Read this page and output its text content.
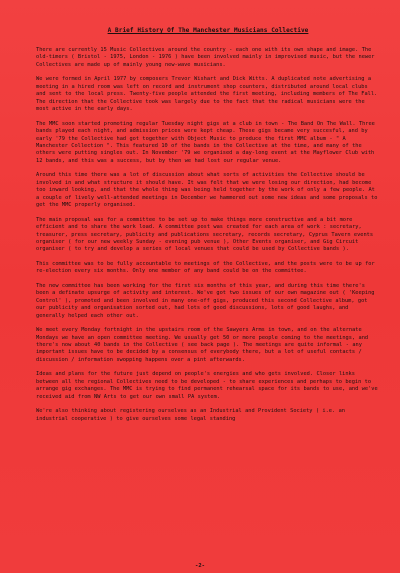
A Brief History Of The Manchester Musicians Collective

There are currently 15 Music Collectives around the country - each one with its own shape and image. The old-timers ( Bristol - 1975, London - 1976 ) have been involved mainly in improvised music, but the newer Collectives are made up of mainly young new-wave musicians.

We were formed in April 1977 by composers Trevor Wishart and Dick Witts. A duplicated note advertising a meeting in a hired room was left on record and instrument shop counters, distributed around local clubs and sent to the local press. Twenty-five people attended the first meeting, including members of The Fall. The direction that the Collective took was largely due to the fact that the radical musicians were the most active in the early days.

The MMC soon started promoting regular Tuesday night gigs at a club in town - The Band On The Wall. Three bands played each night, and admission prices were kept cheap. These gigs became very succesful, and by early '79 the Collective had got together with Object Music to produce the first MMC album - " A Manchester Collection ". This featured 10 of the bands in the Collective at the time, and many of the others were putting singles out. In November '79 we organised a day-long event at the Mayflower Club with 12 bands, and this was a success, but by then we had lost our regular venue.

Around this time there was a lot of discussion about what sorts of activities the Collective should be involved in and what structure it should have. It was felt that we were losing our direction, had become too inward looking, and that the whole thing was being held together by the work of only a few people. At a couple of lively well-attended meetings in December we hammered out some new ideas and some proposals to get the MMC properly organised.

The main proposal was for a committee to be set up to make things more constructive and a bit more efficient and to share the work load. A committee post was created for each area of work : secretary, treasurer, press secretary, publicity and publications secretary, records secretary, Cyprus Tavern events organiser ( for our new weekly Sunday - evening pub venue ), Other Events organiser, and Gig Circuit organiser ( to try and develop a series of local venues that could be used by Collective bands ).

This committee was to be fully accountable to meetings of the Collective, and the posts were to be up for re-election every six months. Only one member of any band could be on the committee.

The new committee has been working for the first six months of this year, and during this time there's been a definate upsurge of activity and interest. We've got two issues of our own magazine out ( 'Keeping Control' ), promoted and been involved in many one-off gigs, produced this second Collective album, got our publicity and organisation sorted out, had lots of good discussions, lots of good laughs, and generally helped each other out.

We meet every Monday fortnight in the upstairs room of the Sawyers Arms in town, and on the alternate Mondays we have an open committee meeting. We usually get 50 or more people coming to the meetings, and there's now about 40 bands in the Collective ( see back page ). The meetings are quite informal - any important issues have to be decided by a consensus of everybody there, but a lot of useful contacts / discussion / information swopping happens over a pint afterwards.

Ideas and plans for the future just depend on people's energies and who gets involved. Closer links between all the regional Collectives need to be developed - to share experiences and perhaps to begin to arrange gig exchanges. The MMC is trying to find permanent rehearsal space for its bands to use, and we've received aid from NW Arts to get our own small PA system.

We're also thinking about registering ourselves as an Industrial and Provident Society ( i.e. an industrial cooperative ) to give ourselves some legal standing

-2-
